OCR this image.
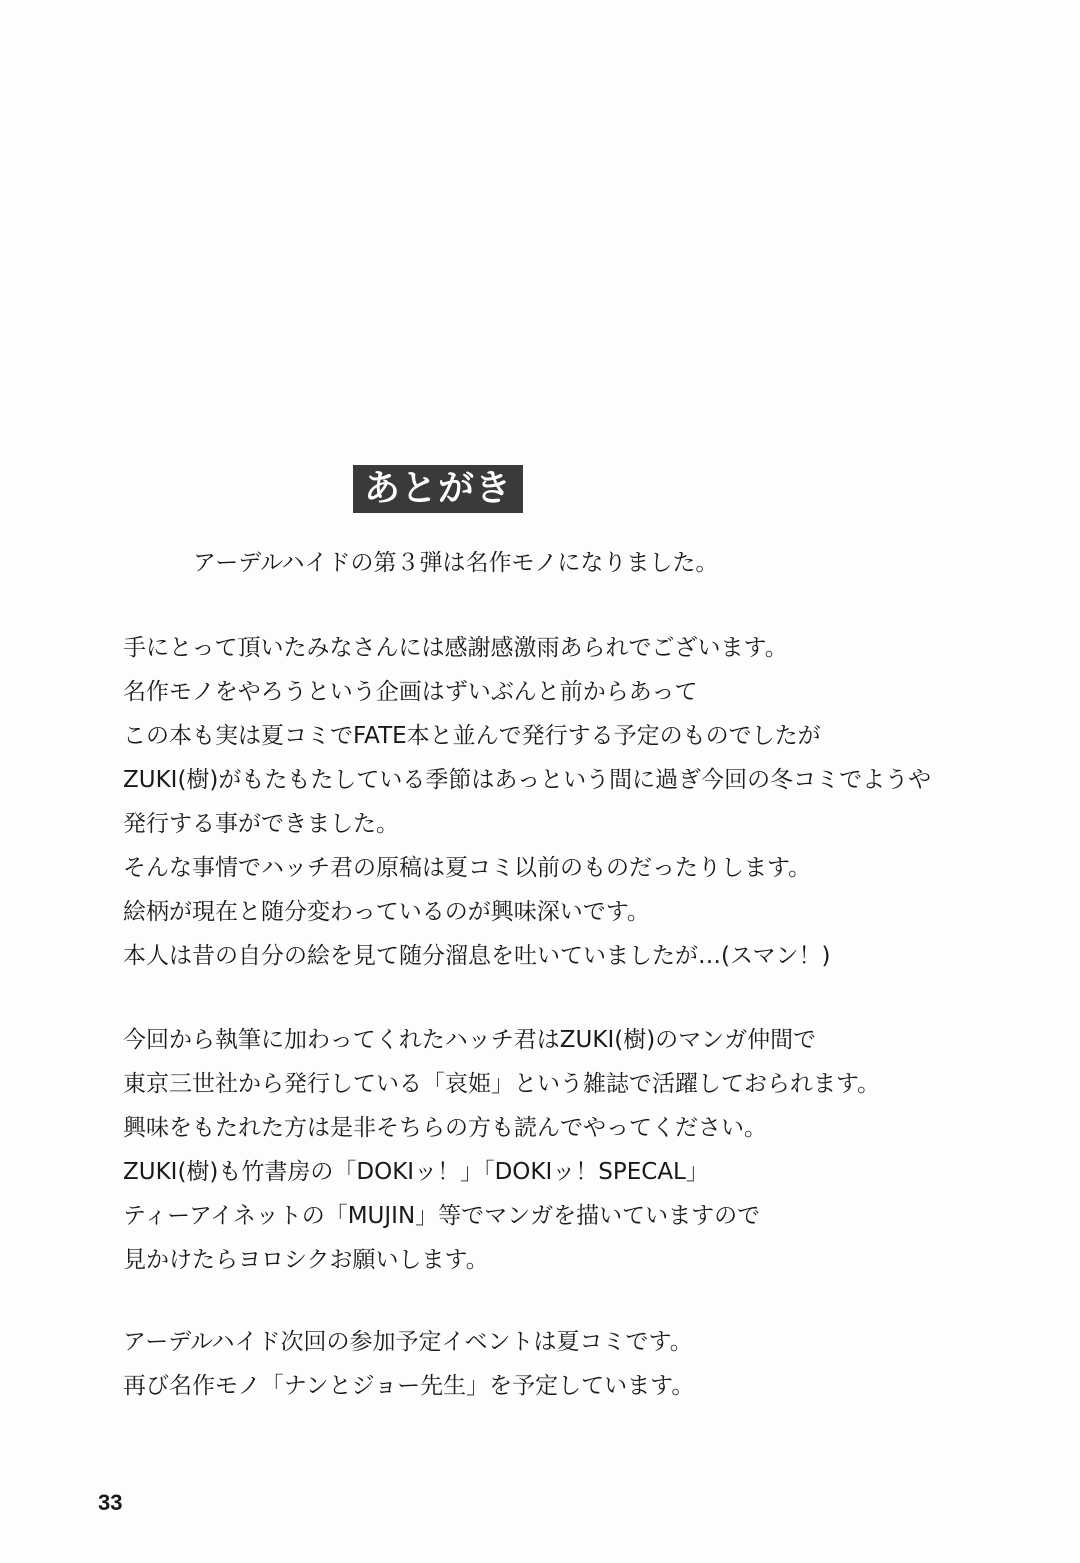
あとがき
アーデルハイドの第３弾は名作モノになりました。
手にとって頂いたみなさんには感謝感激雨あられでございます。
名作モノをやろうという企画はずいぶんと前からあって
この本も実は夏コミでFATE本と並んで発行する予定のものでしたが
ZUKI(樹)がもたもたしている季節はあっという間に過ぎ今回の冬コミでようや
発行する事ができました。
そんな事情でハッチ君の原稿は夏コミ以前のものだったりします。
絵柄が現在と随分変わっているのが興味深いです。
本人は昔の自分の絵を見て随分溜息を吐いていましたが…(スマン！)
今回から執筆に加わってくれたハッチ君はZUKI(樹)のマンガ仲間で
東京三世社から発行している「哀姫」という雑誌で活躍しておられます。
興味をもたれた方は是非そちらの方も読んでやってください。
ZUKI(樹)も竹書房の「DOKIッ！」「DOKIッ！SPECAL」
ティーアイネットの「MUJIN」等でマンガを描いていますので
見かけたらヨロシクお願いします。
アーデルハイド次回の参加予定イベントは夏コミです。
再び名作モノ「ナンとジョー先生」を予定しています。
33
